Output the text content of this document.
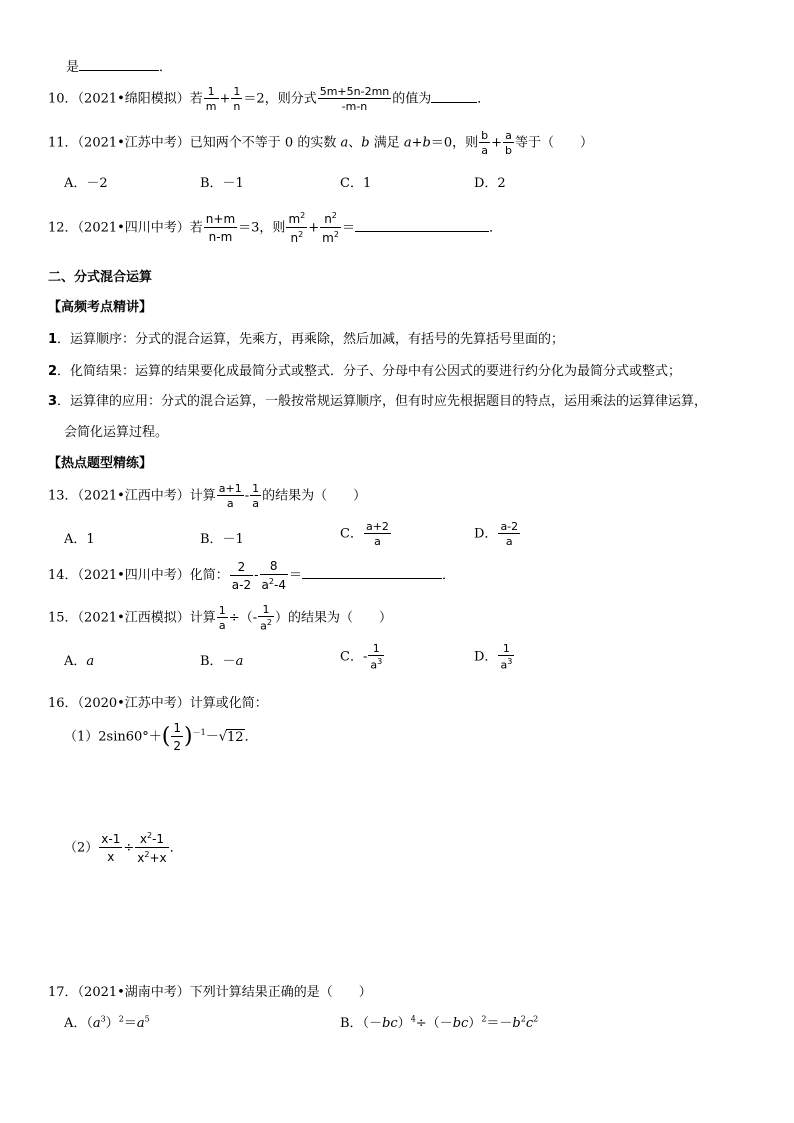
是	．
10．（2021•绵阳模拟）若 $\frac{1}{m} + \frac{1}{n} =2$，则分式 $\frac{5m+5n-2mn}{-m-n}$ 的值为	．
11．（2021•江苏中考）已知两个不等于 0 的实数 a、b 满足 a+b＝0，则 $\frac{b}{a} + \frac{a}{b}$ 等于（　　）
A．－2	B．－1	C．1	D．2
12．（2021•四川中考）若 $\frac{n+m}{n-m} =3$，则 $\frac{m^2}{n^2} + \frac{n^2}{m^2}$ ＝	．
二、分式混合运算
【高频考点精讲】
1．运算顺序：分式的混合运算，先乘方，再乘除，然后加减，有括号的先算括号里面的；
2．化简结果：运算的结果要化成最简分式或整式．分子、分母中有公因式的要进行约分化为最简分式或整式；
3．运算律的应用：分式的混合运算，一般按常规运算顺序，但有时应先根据题目的特点，运用乘法的运算律运算，
会简化运算过程。
【热点题型精练】
13．（2021•江西中考）计算 $\frac{a+1}{a} - \frac{1}{a}$ 的结果为（　　）
A．1	B．－1	C． $\frac{a+2}{a}$	D． $\frac{a-2}{a}$
14．（2021•四川中考）化简： $\frac{2}{a-2} - \frac{8}{a^2-4}$ ＝	．
15．（2021•江西模拟）计算 $\frac{1}{a}$ ÷（- $\frac{1}{a^2}$ ）的结果为（　　）
A．a	B．－a	C．- $\frac{1}{a^3}$	D． $\frac{1}{a^3}$
16．（2020•江苏中考）计算或化简：
$(1)2\sin 60^\circ+( \frac{1}{2} )^{-1}-√12$．
$(2) \frac{x-1}{x} \div \frac{x^2-1}{x^2+x}$ ．
17．（2021•湖南中考）下列计算结果正确的是（　　）
A．$(a^3)^2=a^5$	B．$(-bc)^4\div(-bc)^2=-b^2c^2$
